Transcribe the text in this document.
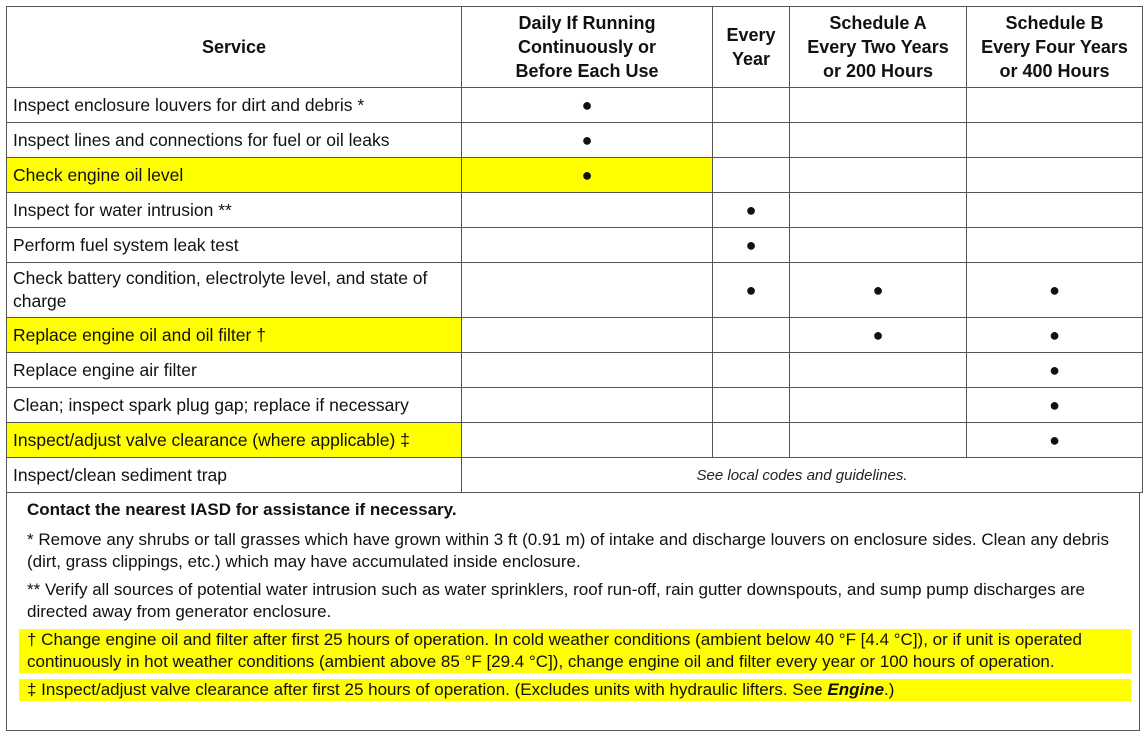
Service	Daily If Running
Continuously or
Before Each Use	Every
Year	Schedule A
Every Two Years
or 200 Hours	Schedule B
Every Four Years
or 400 Hours
Inspect enclosure louvers for dirt and debris *	●			
Inspect lines and connections for fuel or oil leaks	●			
Check engine oil level	●			
Inspect for water intrusion **		●		
Perform fuel system leak test		●		
Check battery condition, electrolyte level, and state of charge		●	●	●
Replace engine oil and oil filter †			●	●
Replace engine air filter				●
Clean; inspect spark plug gap; replace if necessary				●
Inspect/adjust valve clearance (where applicable) ‡				●
Inspect/clean sediment trap	See local codes and guidelines.			

Contact the nearest IASD for assistance if necessary.

* Remove any shrubs or tall grasses which have grown within 3 ft (0.91 m) of intake and discharge louvers on enclosure sides. Clean any debris (dirt, grass clippings, etc.) which may have accumulated inside enclosure.

** Verify all sources of potential water intrusion such as water sprinklers, roof run-off, rain gutter downspouts, and sump pump discharges are directed away from generator enclosure.

† Change engine oil and filter after first 25 hours of operation. In cold weather conditions (ambient below 40 °F [4.4 °C]), or if unit is operated continuously in hot weather conditions (ambient above 85 °F [29.4 °C]), change engine oil and filter every year or 100 hours of operation.

‡ Inspect/adjust valve clearance after first 25 hours of operation. (Excludes units with hydraulic lifters. See Engine.)
